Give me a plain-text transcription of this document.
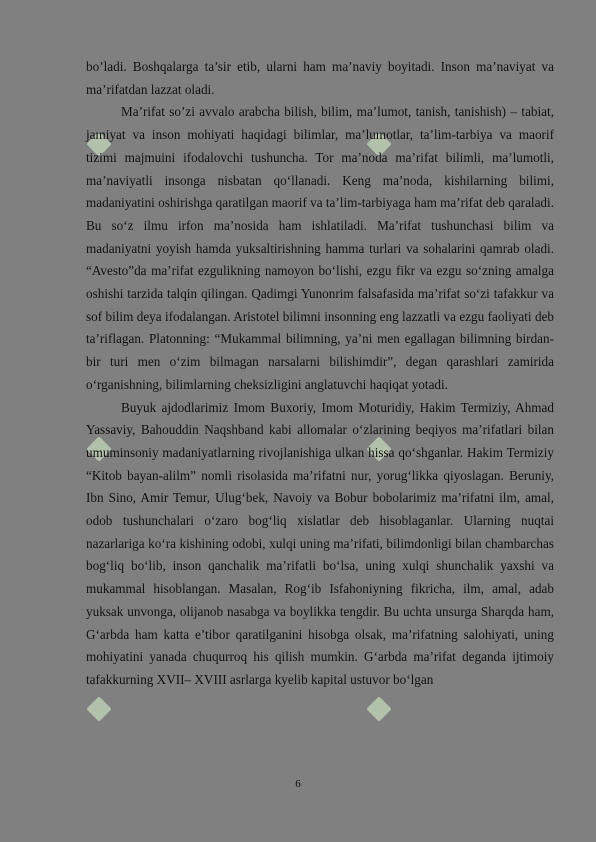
bo’ladi. Boshqalarga ta’sir etib, ularni ham ma’naviy boyitadi. Inson ma’naviyat va ma’rifatdan lazzat oladi.

Ma’rifat so’zi avvalo arabcha bilish, bilim, ma’lumot, tanish, tanishish) – tabiat, jamiyat va inson mohiyati haqidagi bilimlar, ma’lumotlar, ta’lim-tarbiya va maorif tizimi majmuini ifodalovchi tushuncha. Tor ma’noda ma’rifat bilimli, ma’lumotli, ma’naviyatli insonga nisbatan qo‘llanadi. Keng ma’noda, kishilarning bilimi, madaniyatini oshirishga qaratilgan maorif va ta’lim-tarbiyaga ham ma’rifat deb qaraladi. Bu so‘z ilmu irfon ma’nosida ham ishlatiladi. Ma’rifat tushunchasi bilim va madaniyatni yoyish hamda yuksaltirishning hamma turlari va sohalarini qamrab oladi. “Avesto”da ma’rifat ezgulikning namoyon bo‘lishi, ezgu fikr va ezgu so‘zning amalga oshishi tarzida talqin qilingan. Qadimgi Yunonrim falsafasida ma’rifat so‘zi tafakkur va sof bilim deya ifodalangan. Aristotel bilimni insonning eng lazzatli va ezgu faoliyati deb ta’riflagan. Platonning: “Mukammal bilimning, ya’ni men egallagan bilimning birdan-bir turi men o‘zim bilmagan narsalarni bilishimdir”, degan qarashlari zamirida o‘rganishning, bilimlarning cheksizligini anglatuvchi haqiqat yotadi.

Buyuk ajdodlarimiz Imom Buxoriy, Imom Moturidiy, Hakim Termiziy, Ahmad Yassaviy, Bahouddin Naqshband kabi allomalar o‘zlarining beqiyos ma’rifatlari bilan umuminsoniy madaniyatlarning rivojlanishiga ulkan hissa qo‘shganlar. Hakim Termiziy “Kitob bayan-alilm” nomli risolasida ma’rifatni nur, yorug‘likka qiyoslagan. Beruniy, Ibn Sino, Amir Temur, Ulug‘bek, Navoiy va Bobur bobolarimiz ma’rifatni ilm, amal, odob tushunchalari o‘zaro bog‘liq xislatlar deb hisoblaganlar. Ularning nuqtai nazarlariga ko‘ra kishining odobi, xulqi uning ma’rifati, bilimdonligi bilan chambarchas bog‘liq bo‘lib, inson qanchalik ma’rifatli bo‘lsa, uning xulqi shunchalik yaxshi va mukammal hisoblangan. Masalan, Rog‘ib Isfahoniyning fikricha, ilm, amal, adab yuksak unvonga, olijanob nasabga va boylikka tengdir. Bu uchta unsurga Sharqda ham, G‘arbda ham katta e’tibor qaratilganini hisobga olsak, ma’rifatning salohiyati, uning mohiyatini yanada chuqurroq his qilish mumkin. G‘arbda ma’rifat deganda ijtimoiy tafakkurning XVII– XVIII asrlarga kyelib kapital ustuvor bo‘lgan

6
